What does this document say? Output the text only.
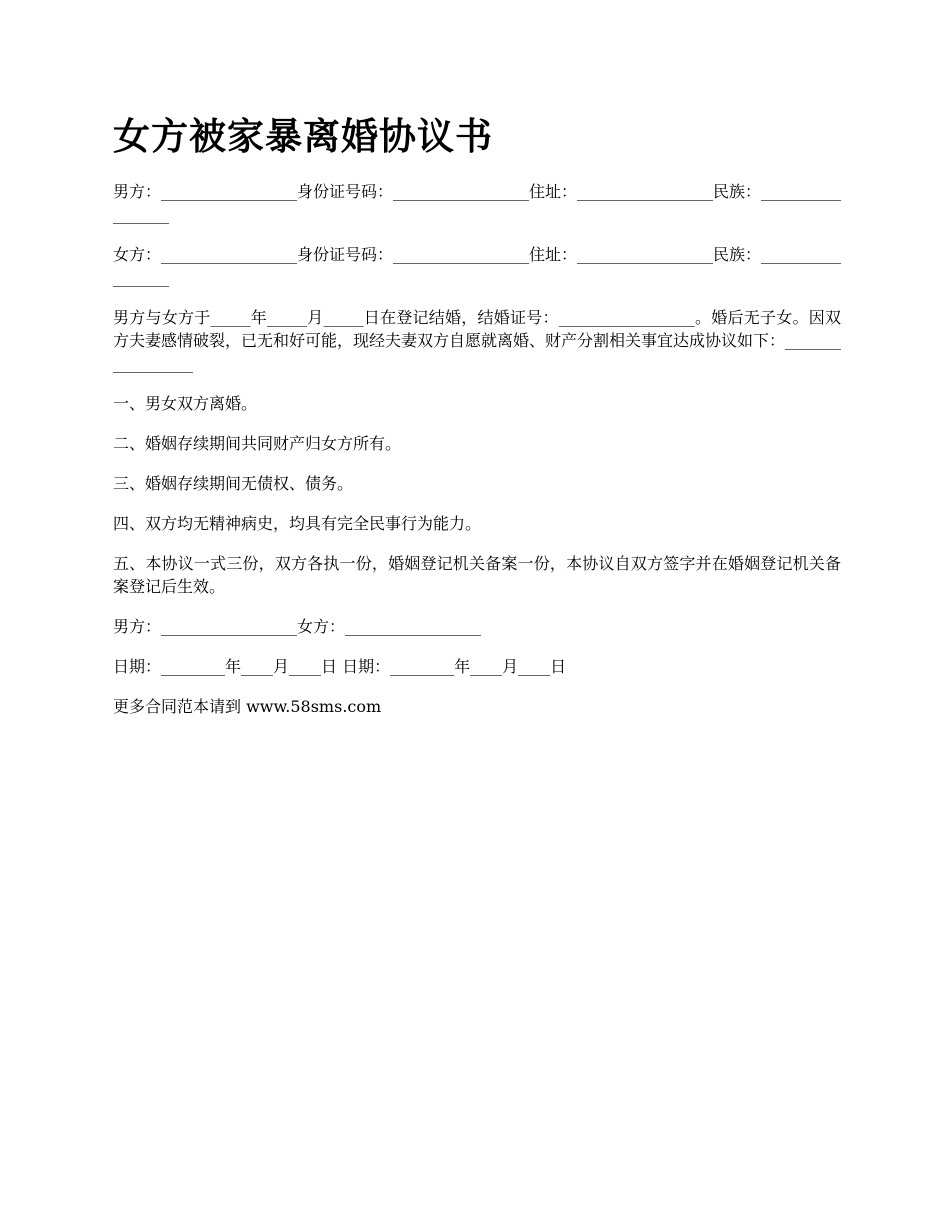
女方被家暴离婚协议书

男方：_________________身份证号码：_________________住址：_________________民族：_________________

女方：_________________身份证号码：_________________住址：_________________民族：_________________

男方与女方于_____年_____月_____日在登记结婚，结婚证号：_________________。婚后无子女。因双方夫妻感情破裂，已无和好可能，现经夫妻双方自愿就离婚、财产分割相关事宜达成协议如下：_________________

一、男女双方离婚。

二、婚姻存续期间共同财产归女方所有。

三、婚姻存续期间无债权、债务。

四、双方均无精神病史，均具有完全民事行为能力。

五、本协议一式三份，双方各执一份，婚姻登记机关备案一份，本协议自双方签字并在婚姻登记机关备案登记后生效。

男方：_________________女方：_________________

日期：________年____月____日 日期：________年____月____日

更多合同范本请到 www.58sms.com
